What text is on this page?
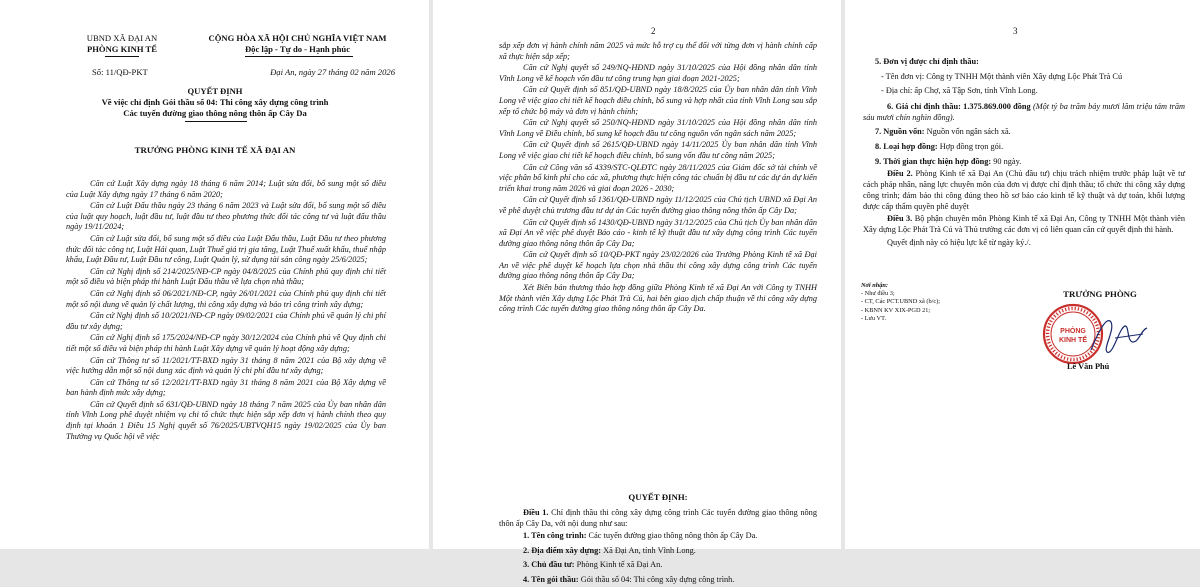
UBND XÃ ĐẠI AN
PHÒNG KINH TẾ
CỘNG HÒA XÃ HỘI CHỦ NGHĨA VIỆT NAM
Độc lập - Tự do - Hạnh phúc
Số: 11/QĐ-PKT	Đại An, ngày 27 tháng 02 năm 2026
QUYẾT ĐỊNH
Về việc chỉ định Gói thầu số 04: Thi công xây dựng công trình
Các tuyến đường giao thông nông thôn ấp Cây Da
TRƯỞNG PHÒNG KINH TẾ XÃ ĐẠI AN

Căn cứ Luật Xây dựng ngày 18 tháng 6 năm 2014; Luật sửa đổi, bổ sung một số điều của Luật Xây dựng ngày 17 tháng 6 năm 2020;

Căn cứ Luật Đấu thầu ngày 23 tháng 6 năm 2023 và Luật sửa đổi, bổ sung một số điều của luật quy hoạch, luật đầu tư, luật đầu tư theo phương thức đối tác công tư và luật đấu thầu ngày 19/11/2024;

Căn cứ Luật sửa đổi, bổ sung một số điều của Luật Đấu thầu, Luật Đầu tư theo phương thức đối tác công tư, Luật Hải quan, Luật Thuế giá trị gia tăng, Luật Thuế xuất khẩu, thuế nhập khẩu, Luật Đầu tư, Luật Đầu tư công, Luật Quản lý, sử dụng tài sản công ngày 25/6/2025;

Căn cứ Nghị định số 214/2025/NĐ-CP ngày 04/8/2025 của Chính phủ quy định chi tiết một số điều và biện pháp thi hành Luật Đấu thầu về lựa chọn nhà thầu;

Căn cứ Nghị định số 06/2021/NĐ-CP, ngày 26/01/2021 của Chính phủ quy định chi tiết một số nội dung về quản lý chất lượng, thi công xây dựng và bảo trì công trình xây dựng;

Căn cứ Nghị định số 10/2021/NĐ-CP ngày 09/02/2021 của Chính phủ về quản lý chi phí đầu tư xây dựng;

Căn cứ Nghị định số 175/2024/NĐ-CP ngày 30/12/2024 của Chính phủ về Quy định chi tiết một số điều và biện pháp thi hành Luật Xây dựng về quản lý hoạt động xây dựng;

Căn cứ Thông tư số 11/2021/TT-BXD ngày 31 tháng 8 năm 2021 của Bộ xây dựng về việc hướng dẫn một số nội dung xác định và quản lý chi phí đầu tư xây dựng;

Căn cứ Thông tư số 12/2021/TT-BXD ngày 31 tháng 8 năm 2021 của Bộ Xây dựng về ban hành định mức xây dựng;

Căn cứ Quyết định số 631/QĐ-UBND ngày 18 tháng 7 năm 2025 của Ủy ban nhân dân tỉnh Vĩnh Long phê duyệt nhiệm vụ chi tổ chức thực hiện sắp xếp đơn vị hành chính theo quy định tại khoản 1 Điều 15 Nghị quyết số 76/2025/UBTVQH15 ngày 19/02/2025 của Ủy ban Thường vụ Quốc hội về việc

2

sắp xếp đơn vị hành chính năm 2025 và mức hỗ trợ cụ thể đối với từng đơn vị hành chính cấp xã thực hiện sắp xếp;

Căn cứ Nghị quyết số 249/NQ-HĐND ngày 31/10/2025 của Hội đồng nhân dân tỉnh Vĩnh Long về kế hoạch vốn đầu tư công trung hạn giai đoạn 2021-2025;

Căn cứ Quyết định số 851/QĐ-UBND ngày 18/8/2025 của Ủy ban nhân dân tỉnh Vĩnh Long về việc giao chi tiết kế hoạch điều chỉnh, bổ sung và hợp nhất của tỉnh Vĩnh Long sau sắp xếp tổ chức bộ máy và đơn vị hành chính;

Căn cứ Nghị quyết số 250/NQ-HĐND ngày 31/10/2025 của Hội đồng nhân dân tỉnh Vĩnh Long về Điều chỉnh, bổ sung kế hoạch đầu tư công nguồn vốn ngân sách năm 2025;

Căn cứ Quyết định số 2615/QĐ-UBND ngày 14/11/2025 Ủy ban nhân dân tỉnh Vĩnh Long về việc giao chi tiết kế hoạch điều chỉnh, bổ sung vốn đầu tư công năm 2025;

Căn cứ Công văn số 4339/STC-QLĐTC ngày 28/11/2025 của Giám đốc sở tài chính về việc phân bổ kinh phí cho các xã, phương thực hiện công tác chuẩn bị đầu tư các dự án dự kiến triển khai trong năm 2026 và giai đoạn 2026 - 2030;

Căn cứ Quyết định số 1361/QĐ-UBND ngày 11/12/2025 của Chủ tịch UBND xã Đại An về phê duyệt chủ trương đầu tư dự án Các tuyến đường giao thông nông thôn ấp Cây Da;

Căn cứ Quyết định số 1430/QĐ-UBND ngày 31/12/2025 của Chủ tịch Ủy ban nhân dân xã Đại An về việc phê duyệt Báo cáo - kinh tế kỹ thuật đầu tư xây dựng công trình Các tuyến đường giao thông nông thôn ấp Cây Da;

Căn cứ Quyết định số 10/QĐ-PKT ngày 23/02/2026 của Trưởng Phòng Kinh tế xã Đại An về việc phê duyệt kế hoạch lựa chọn nhà thầu thi công xây dựng công trình Các tuyến đường giao thông nông thôn ấp Cây Da;

Xét Biên bản thương thảo hợp đồng giữa Phòng Kinh tế xã Đại An với Công ty TNHH Một thành viên Xây dựng Lộc Phát Trà Cú, hai bên giao dịch chấp thuận về thi công xây dựng công trình Các tuyến đường giao thông nông thôn ấp Cây Da.

QUYẾT ĐỊNH:

Điều 1. Chỉ định thầu thi công xây dựng công trình Các tuyến đường giao thông nông thôn ấp Cây Da, với nội dung như sau:

1. Tên công trình: Các tuyến đường giao thông nông thôn ấp Cây Da.
2. Địa điểm xây dựng: Xã Đại An, tỉnh Vĩnh Long.
3. Chủ đầu tư: Phòng Kinh tế xã Đại An.
4. Tên gói thầu: Gói thầu số 04: Thi công xây dựng công trình.
3
5. Đơn vị được chỉ định thầu:
- Tên đơn vị: Công ty TNHH Một thành viên Xây dựng Lộc Phát Trà Cú
- Địa chỉ: ấp Chợ, xã Tập Sơn, tỉnh Vĩnh Long.

6. Giá chỉ định thầu: 1.375.869.000 đồng (Một tỷ ba trăm bảy mươi lăm triệu tám trăm sáu mươi chín nghìn đồng).

7. Nguồn vốn: Nguồn vốn ngân sách xã.
8. Loại hợp đồng: Hợp đồng trọn gói.
9. Thời gian thực hiện hợp đồng: 90 ngày.

Điều 2. Phòng Kinh tế xã Đại An (Chủ đầu tư) chịu trách nhiệm trước pháp luật về tư cách pháp nhân, năng lực chuyên môn của đơn vị được chỉ định thầu; tổ chức thi công xây dựng công trình; đảm bảo thi công đúng theo hồ sơ báo cáo kinh tế kỹ thuật và dự toán, khối lượng được cấp thẩm quyền phê duyệt

Điều 3. Bộ phận chuyên môn Phòng Kinh tế xã Đại An, Công ty TNHH Một thành viên Xây dựng Lộc Phát Trà Cú và Thủ trưởng các đơn vị có liên quan căn cứ quyết định thi hành.

Quyết định này có hiệu lực kể từ ngày ký./.

Nơi nhận:
- Như điều 3;
- CT, Các PCT.UBND xã (b/c);
- KBNN KV XIX-PGD 21;
- Lưu VT.
TRƯỞNG PHÒNG
PHÒNG
KINH TẾ
Lê Văn Phú
